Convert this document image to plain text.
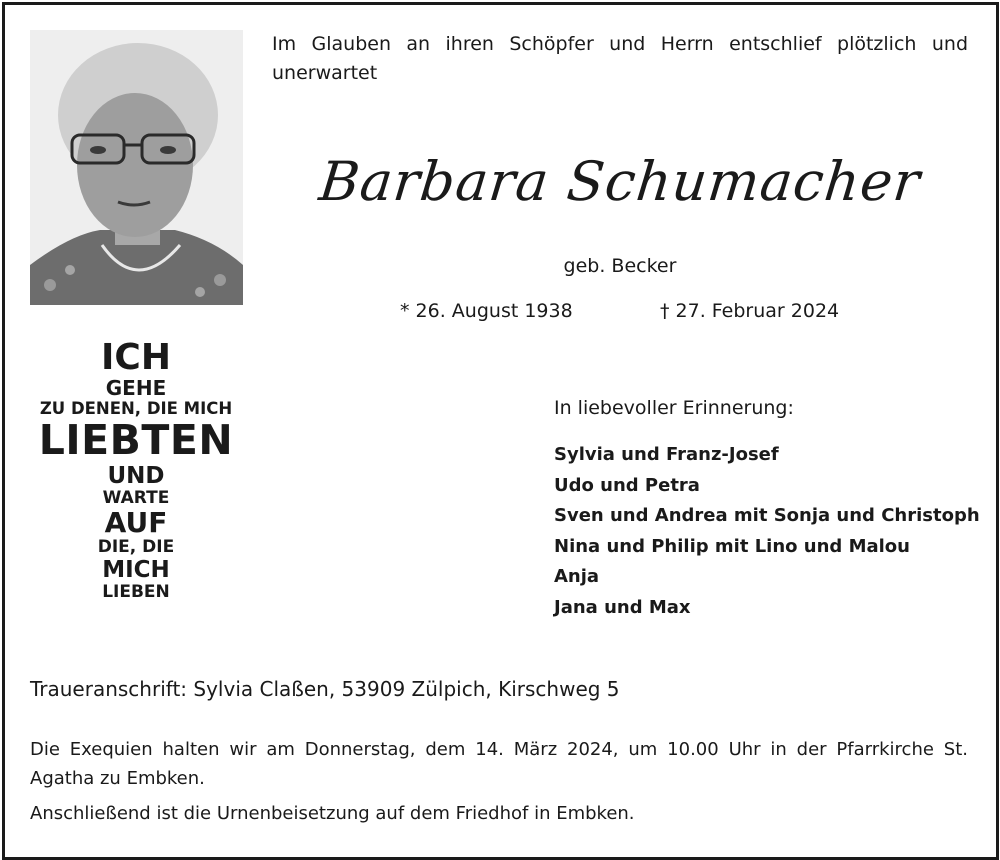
Im Glauben an ihren Schöpfer und Herrn entschlief plötzlich und unerwartet
Barbara Schumacher
geb. Becker
* 26. August 1938	† 27. Februar 2024
ICH
GEHE
ZU DENEN, DIE MICH
LIEBTEN
UND
WARTE
AUF
DIE, DIE
MICH
LIEBEN
In liebevoller Erinnerung:
Sylvia und Franz-Josef
Udo und Petra
Sven und Andrea mit Sonja und Christoph
Nina und Philip mit Lino und Malou
Anja
Jana und Max
Traueranschrift: Sylvia Claßen, 53909 Zülpich, Kirschweg 5

Die Exequien halten wir am Donnerstag, dem 14. März 2024, um 10.00 Uhr in der Pfarrkirche St. Agatha zu Embken.

Anschließend ist die Urnenbeisetzung auf dem Friedhof in Embken.
